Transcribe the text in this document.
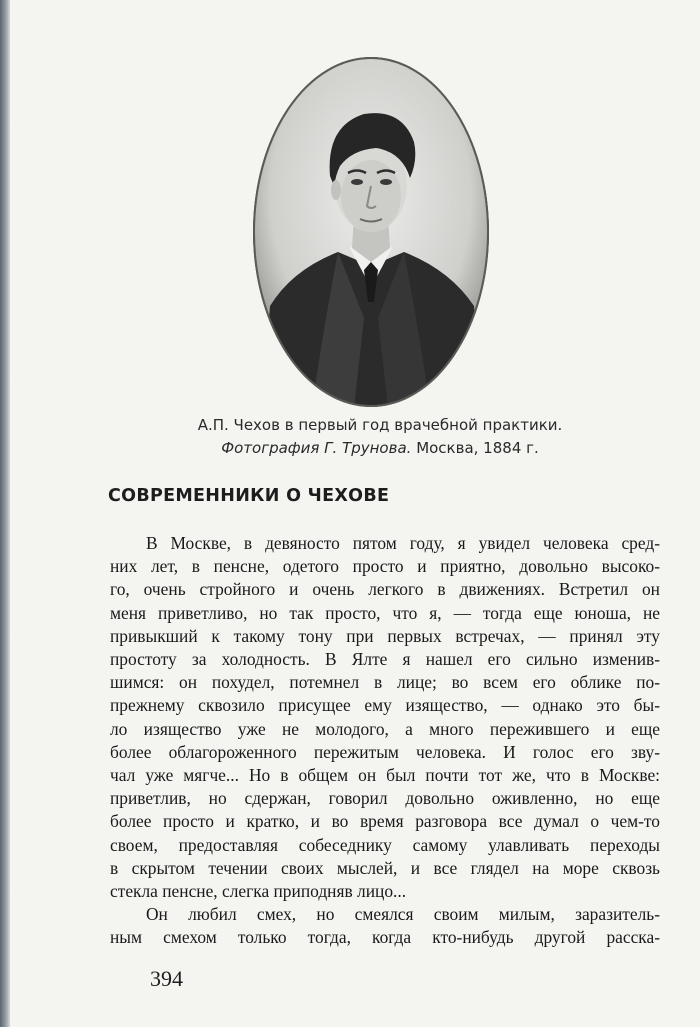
А.П. Чехов в первый год врачебной практики.
Фотография Г. Трунова. Москва, 1884 г.
СОВРЕМЕННИКИ О ЧЕХОВЕ
В Москве, в девяносто пятом году, я увидел человека сред-
них лет, в пенсне, одетого просто и приятно, довольно высоко-
го, очень стройного и очень легкого в движениях. Встретил он
меня приветливо, но так просто, что я, — тогда еще юноша, не
привыкший к такому тону при первых встречах, — принял эту
простоту за холодность. В Ялте я нашел его сильно изменив-
шимся: он похудел, потемнел в лице; во всем его облике по-
прежнему сквозило присущее ему изящество, — однако это бы-
ло изящество уже не молодого, а много пережившего и еще
более облагороженного пережитым человека. И голос его зву-
чал уже мягче... Но в общем он был почти тот же, что в Москве:
приветлив, но сдержан, говорил довольно оживленно, но еще
более просто и кратко, и во время разговора все думал о чем-то
своем, предоставляя собеседнику самому улавливать переходы
в скрытом течении своих мыслей, и все глядел на море сквозь
стекла пенсне, слегка приподняв лицо...
Он любил смех, но смеялся своим милым, заразитель-
ным смехом только тогда, когда кто-нибудь другой расска-
394
